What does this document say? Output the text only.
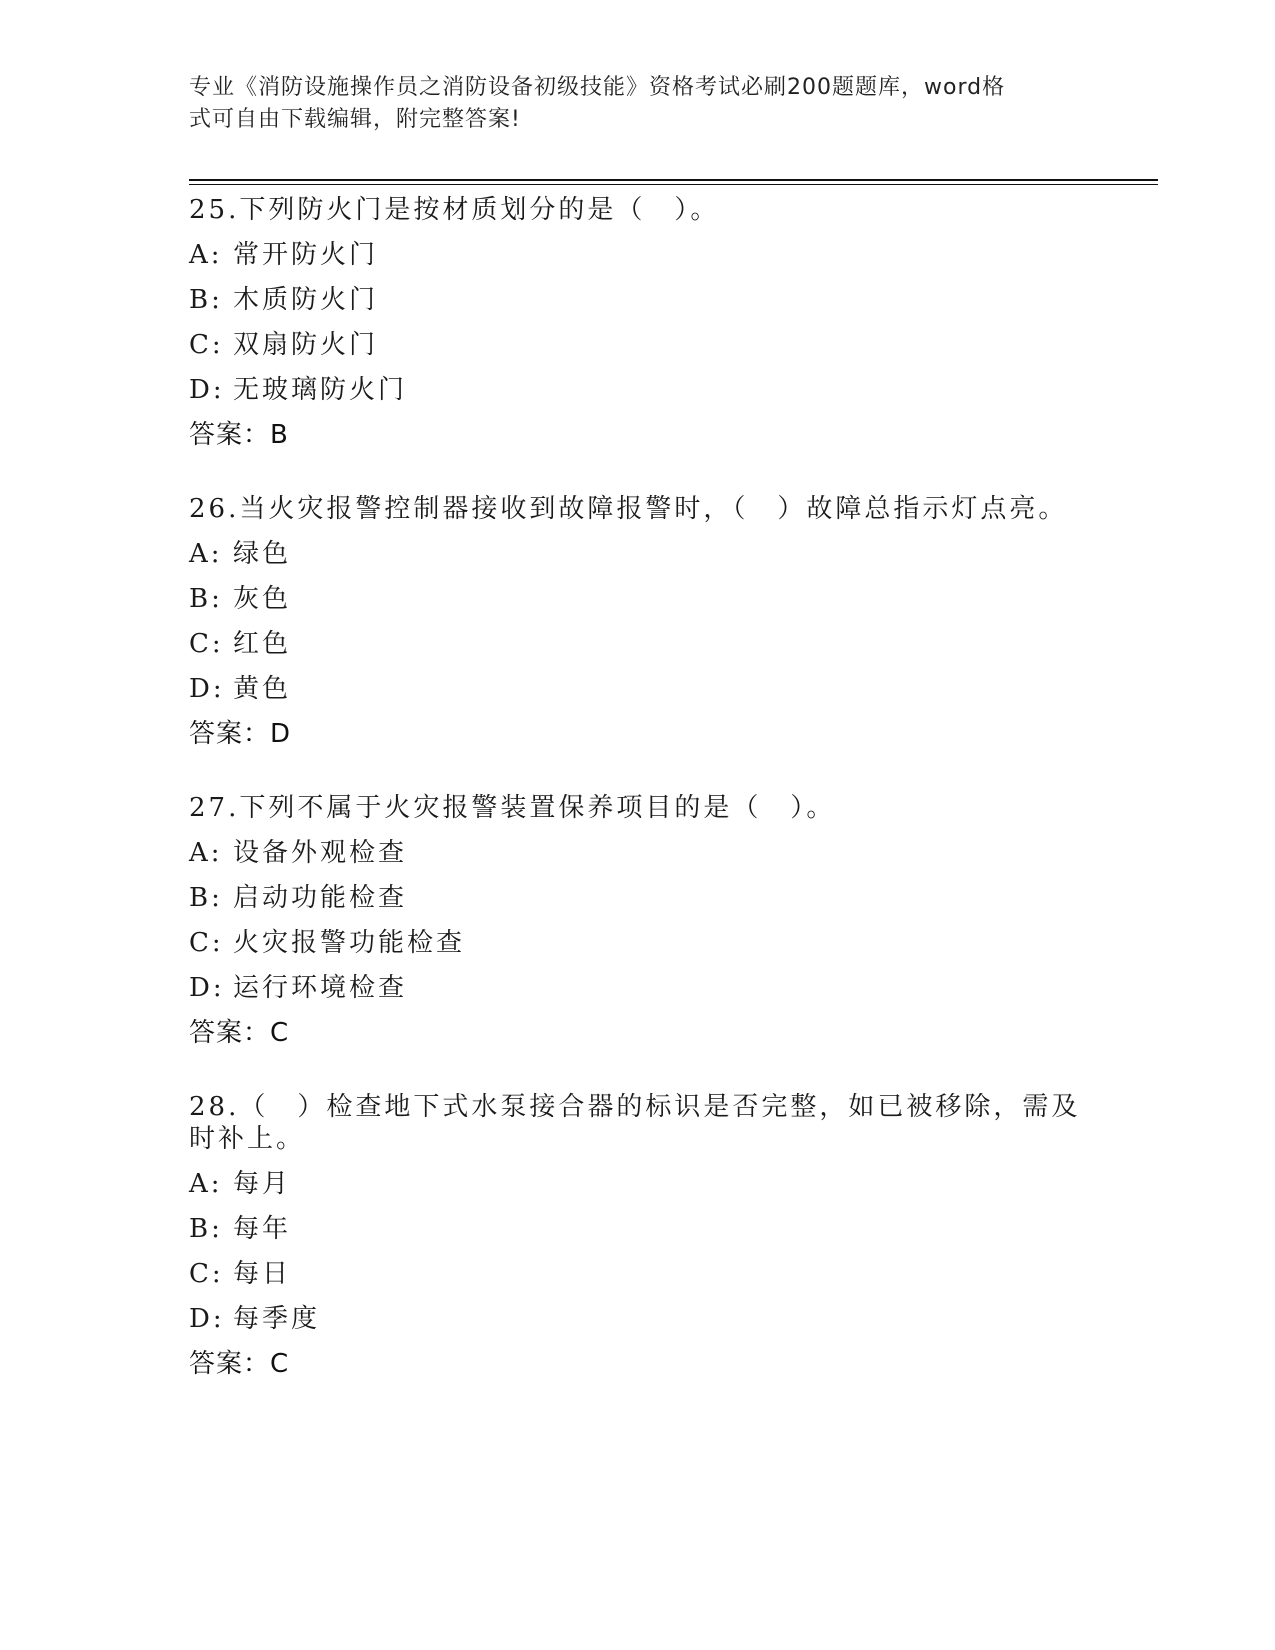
专业《消防设施操作员之消防设备初级技能》资格考试必刷200题题库，word格
式可自由下载编辑，附完整答案!
25.下列防火门是按材质划分的是（　）。
A: 常开防火门
B: 木质防火门
C: 双扇防火门
D: 无玻璃防火门
答案： B
26.当火灾报警控制器接收到故障报警时，（　）故障总指示灯点亮。
A: 绿色
B: 灰色
C: 红色
D: 黄色
答案： D
27.下列不属于火灾报警装置保养项目的是（　）。
A: 设备外观检查
B: 启动功能检查
C: 火灾报警功能检查
D: 运行环境检查
答案： C
28.（　）检查地下式水泵接合器的标识是否完整，如已被移除，需及时补上。
A: 每月
B: 每年
C: 每日
D: 每季度
答案： C
